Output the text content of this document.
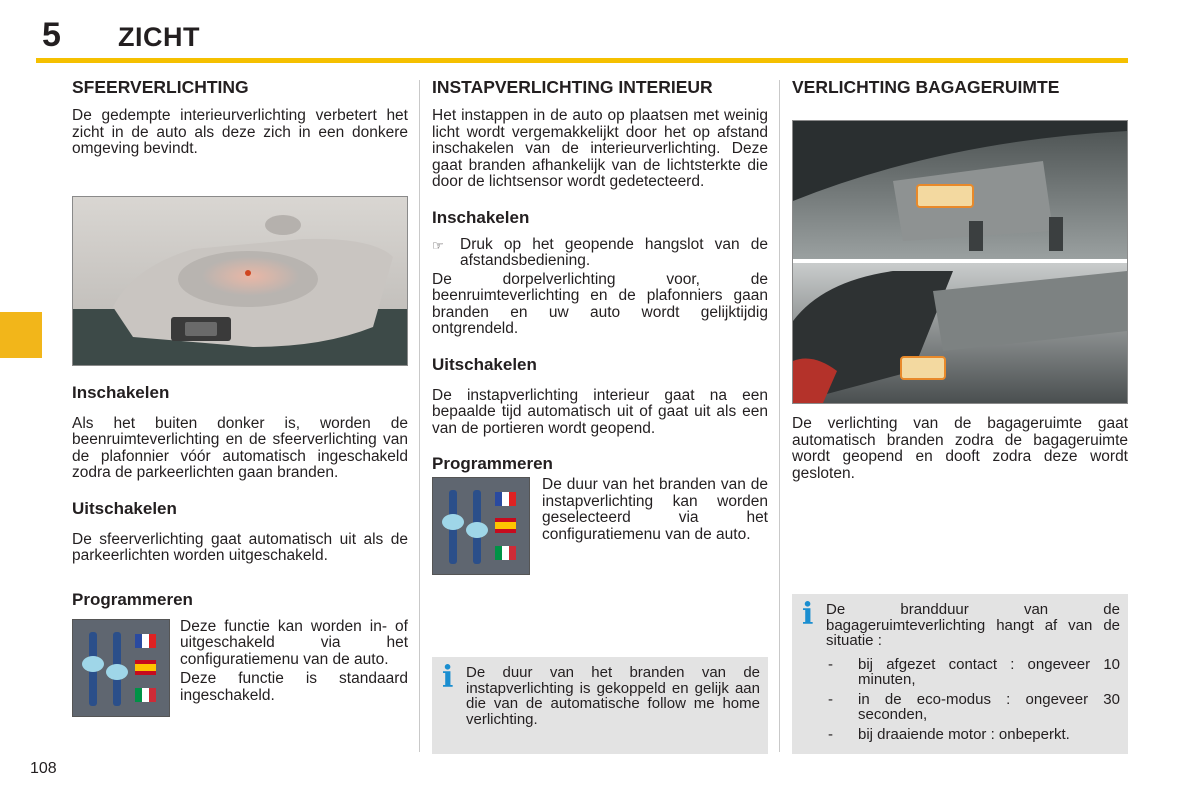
5 ZICHT
SFEERVERLICHTING

De gedempte interieurverlichting verbetert het zicht in de auto als deze zich in een donkere omgeving bevindt.

Inschakelen

Als het buiten donker is, worden de beenruimteverlichting en de sfeerverlichting van de plafonnier vóór automatisch ingeschakeld zodra de parkeerlichten gaan branden.

Uitschakelen

De sfeerverlichting gaat automatisch uit als de parkeerlichten worden uitgeschakeld.

Programmeren

Deze functie kan worden in- of uitgeschakeld via het configuratiemenu van de auto.

Deze functie is standaard ingeschakeld.

INSTAPVERLICHTING INTERIEUR

Het instappen in de auto op plaatsen met weinig licht wordt vergemakkelijkt door het op afstand inschakelen van de interieurverlichting. Deze gaat branden afhankelijk van de lichtsterkte die door de lichtsensor wordt gedetecteerd.

Inschakelen
☞	Druk op het geopende hangslot van de afstandsbediening.

De dorpelverlichting voor, de beenruimteverlichting en de plafonniers gaan branden en uw auto wordt gelijktijdig ontgrendeld.

Uitschakelen

De instapverlichting interieur gaat na een bepaalde tijd automatisch uit of gaat uit als een van de portieren wordt geopend.

Programmeren

De duur van het branden van de instapverlichting kan worden geselecteerd via het configuratiemenu van de auto.

i De duur van het branden van de instapverlichting is gekoppeld en gelijk aan die van de automatische follow me home verlichting.

VERLICHTING BAGAGERUIMTE

De verlichting van de bagageruimte gaat automatisch branden zodra de bagageruimte wordt geopend en dooft zodra deze wordt gesloten.

i De brandduur van de bagageruimteverlichting hangt af van de situatie :

-	bij afgezet contact : ongeveer 10 minuten,
-	in de eco-modus : ongeveer 30 seconden,
-	bij draaiende motor : onbeperkt.
108
